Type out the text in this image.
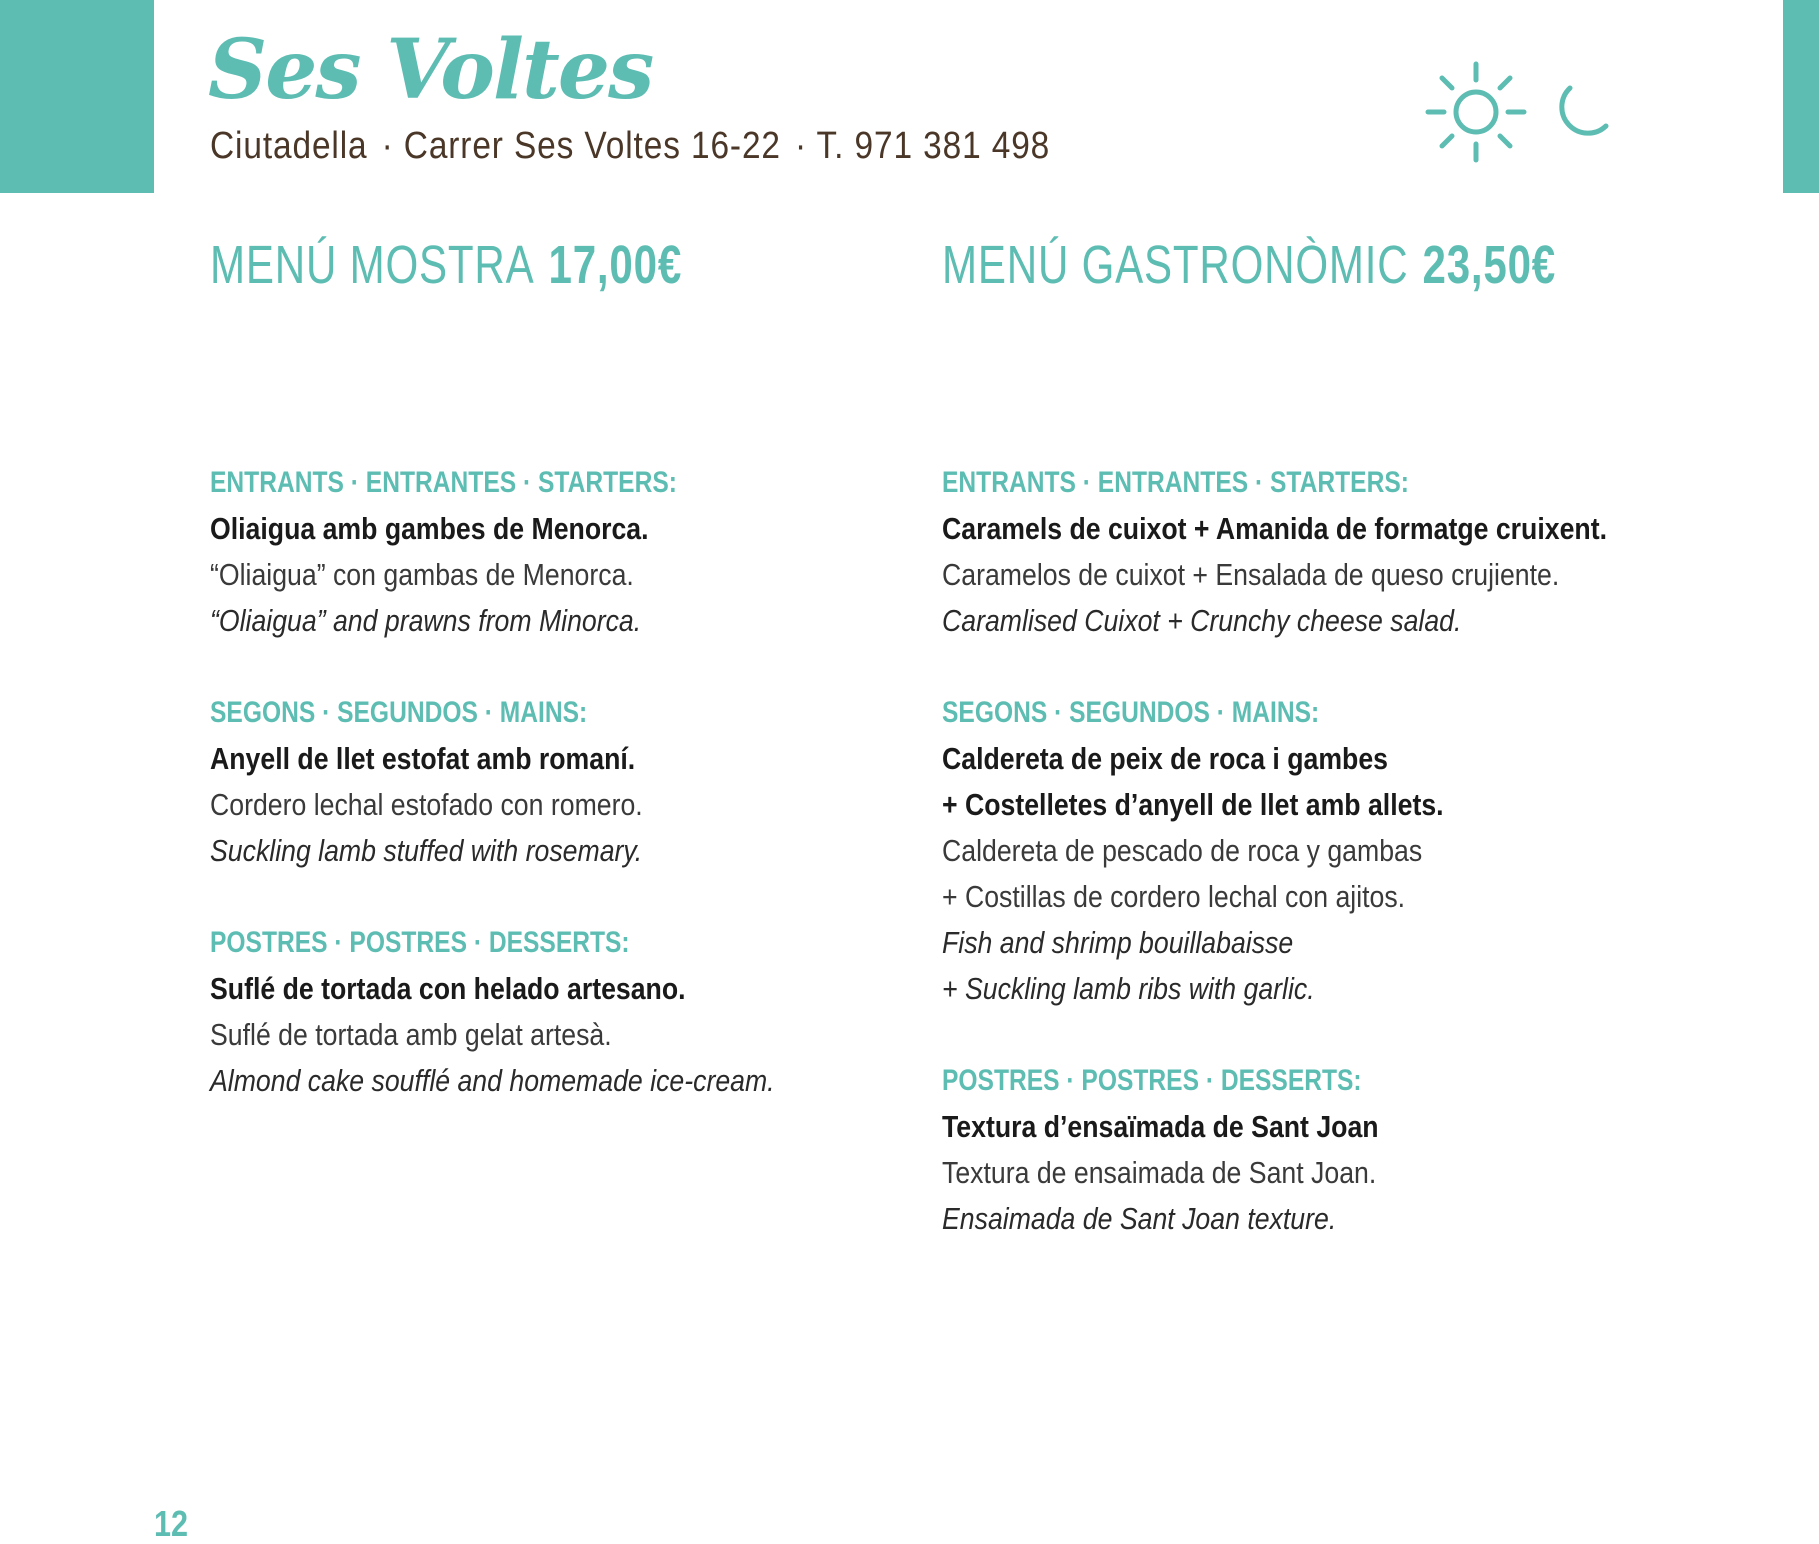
Ses Voltes
Ciutadella · Carrer Ses Voltes 16-22 · T. 971 381 498
MENÚ MOSTRA 17,00€
ENTRANTS · ENTRANTES · STARTERS:
Oliaigua amb gambes de Menorca.
“Oliaigua” con gambas de Menorca.
“Oliaigua” and prawns from Minorca.
SEGONS · SEGUNDOS · MAINS:
Anyell de llet estofat amb romaní.
Cordero lechal estofado con romero.
Suckling lamb stuffed with rosemary.
POSTRES · POSTRES · DESSERTS:
Suflé de tortada con helado artesano.
Suflé de tortada amb gelat artesà.
Almond cake soufflé and homemade ice-cream.
MENÚ GASTRONÒMIC 23,50€
ENTRANTS · ENTRANTES · STARTERS:
Caramels de cuixot + Amanida de formatge cruixent.
Caramelos de cuixot + Ensalada de queso crujiente.
Caramlised Cuixot + Crunchy cheese salad.
SEGONS · SEGUNDOS · MAINS:
Caldereta de peix de roca i gambes
+ Costelletes d’anyell de llet amb allets.
Caldereta de pescado de roca y gambas
+ Costillas de cordero lechal con ajitos.
Fish and shrimp bouillabaisse
+ Suckling lamb ribs with garlic.
POSTRES · POSTRES · DESSERTS:
Textura d’ensaïmada de Sant Joan
Textura de ensaimada de Sant Joan.
Ensaimada de Sant Joan texture.
12
